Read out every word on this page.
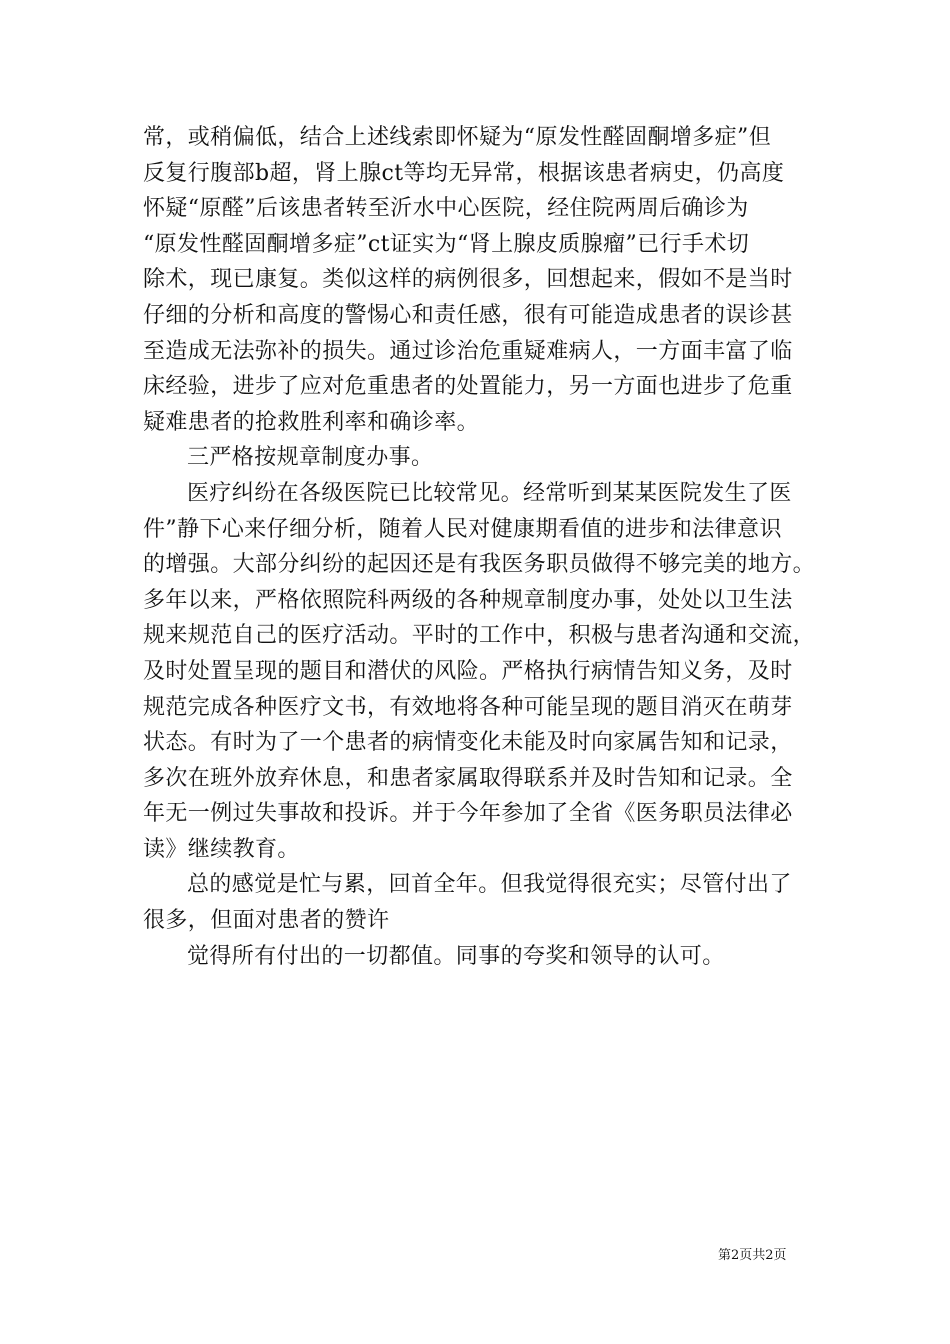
常，或稍偏低，结合上述线索即怀疑为“原发性醛固酮增多症”但
反复行腹部b超，肾上腺ct等均无异常，根据该患者病史，仍高度
怀疑“原醛”后该患者转至沂水中心医院，经住院两周后确诊为
“原发性醛固酮增多症”ct证实为“肾上腺皮质腺瘤”已行手术切
除术，现已康复。类似这样的病例很多，回想起来，假如不是当时
仔细的分析和高度的警惕心和责任感，很有可能造成患者的误诊甚
至造成无法弥补的损失。通过诊治危重疑难病人，一方面丰富了临
床经验，进步了应对危重患者的处置能力，另一方面也进步了危重
疑难患者的抢救胜利率和确诊率。
三严格按规章制度办事。
医疗纠纷在各级医院已比较常见。经常听到某某医院发生了医
件”静下心来仔细分析，随着人民对健康期看值的进步和法律意识
的增强。大部分纠纷的起因还是有我医务职员做得不够完美的地方。
多年以来，严格依照院科两级的各种规章制度办事，处处以卫生法
规来规范自己的医疗活动。平时的工作中，积极与患者沟通和交流，
及时处置呈现的题目和潜伏的风险。严格执行病情告知义务，及时
规范完成各种医疗文书，有效地将各种可能呈现的题目消灭在萌芽
状态。有时为了一个患者的病情变化未能及时向家属告知和记录，
多次在班外放弃休息，和患者家属取得联系并及时告知和记录。全
年无一例过失事故和投诉。并于今年参加了全省《医务职员法律必
读》继续教育。
总的感觉是忙与累，回首全年。但我觉得很充实；尽管付出了
很多，但面对患者的赞许
觉得所有付出的一切都值。同事的夸奖和领导的认可。
第2页共2页
